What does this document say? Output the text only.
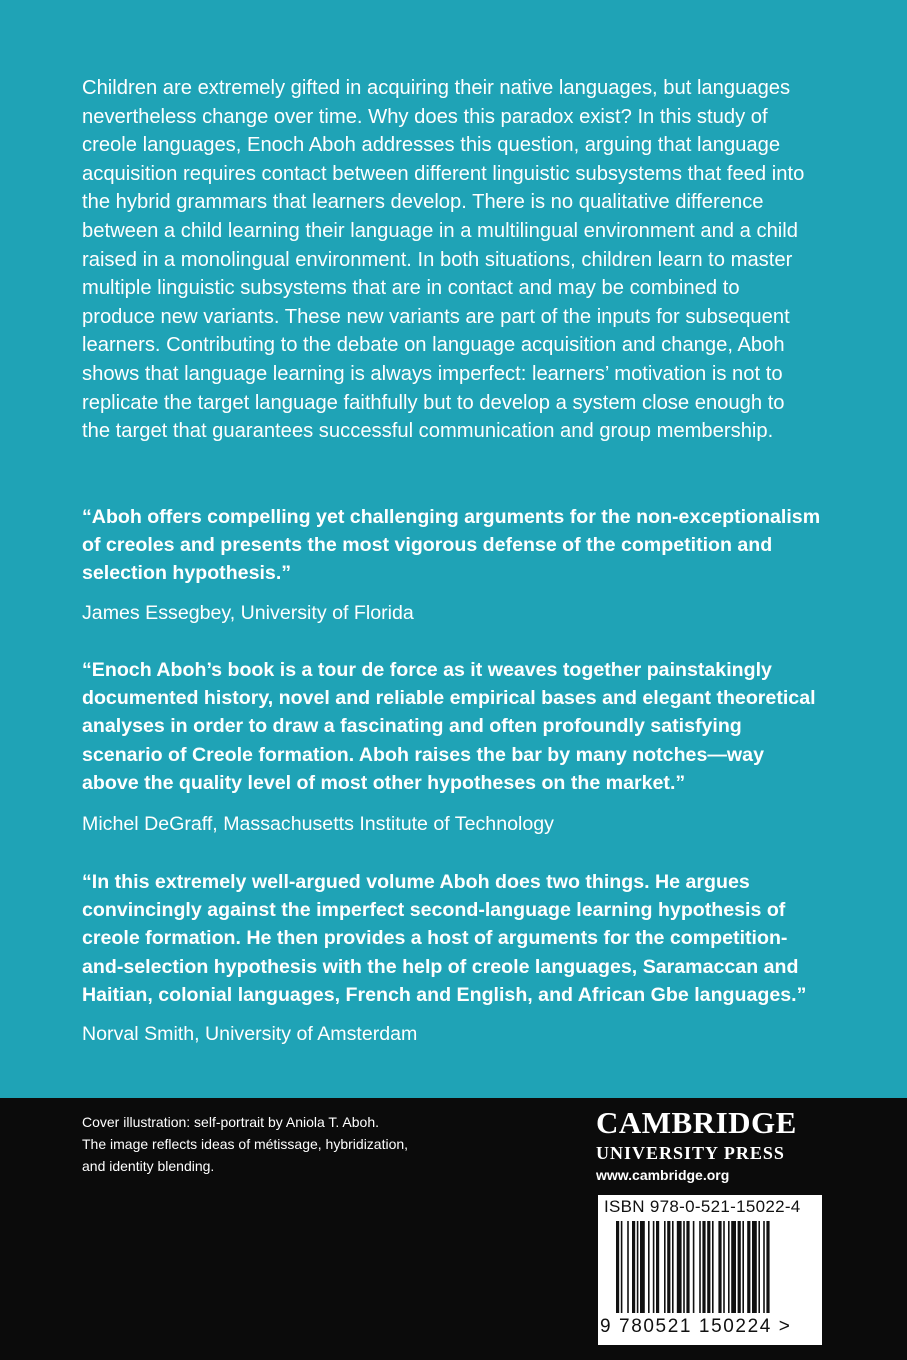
Children are extremely gifted in acquiring their native languages, but languages nevertheless change over time. Why does this paradox exist? In this study of creole languages, Enoch Aboh addresses this question, arguing that language acquisition requires contact between different linguistic subsystems that feed into the hybrid grammars that learners develop. There is no qualitative difference between a child learning their language in a multilingual environment and a child raised in a monolingual environment. In both situations, children learn to master multiple linguistic subsystems that are in contact and may be combined to produce new variants. These new variants are part of the inputs for subsequent learners. Contributing to the debate on language acquisition and change, Aboh shows that language learning is always imperfect: learners’ motivation is not to replicate the target language faithfully but to develop a system close enough to the target that guarantees successful communication and group membership.

“Aboh offers compelling yet challenging arguments for the non-exceptionalism of creoles and presents the most vigorous defense of the competition and selection hypothesis.”

James Essegbey, University of Florida

“Enoch Aboh’s book is a tour de force as it weaves together painstakingly documented history, novel and reliable empirical bases and elegant theoretical analyses in order to draw a fascinating and often profoundly satisfying scenario of Creole formation. Aboh raises the bar by many notches—way above the quality level of most other hypotheses on the market.”

Michel DeGraff, Massachusetts Institute of Technology

“In this extremely well-argued volume Aboh does two things. He argues convincingly against the imperfect second-language learning hypothesis of creole formation. He then provides a host of arguments for the competition-and-selection hypothesis with the help of creole languages, Saramaccan and Haitian, colonial languages, French and English, and African Gbe languages.”

Norval Smith, University of Amsterdam

Cover illustration: self-portrait by Aniola T. Aboh.
The image reflects ideas of métissage, hybridization,
and identity blending.

CAMBRIDGE
UNIVERSITY PRESS
www.cambridge.org
ISBN 978-0-521-15022-4
9 780521 150224 >
